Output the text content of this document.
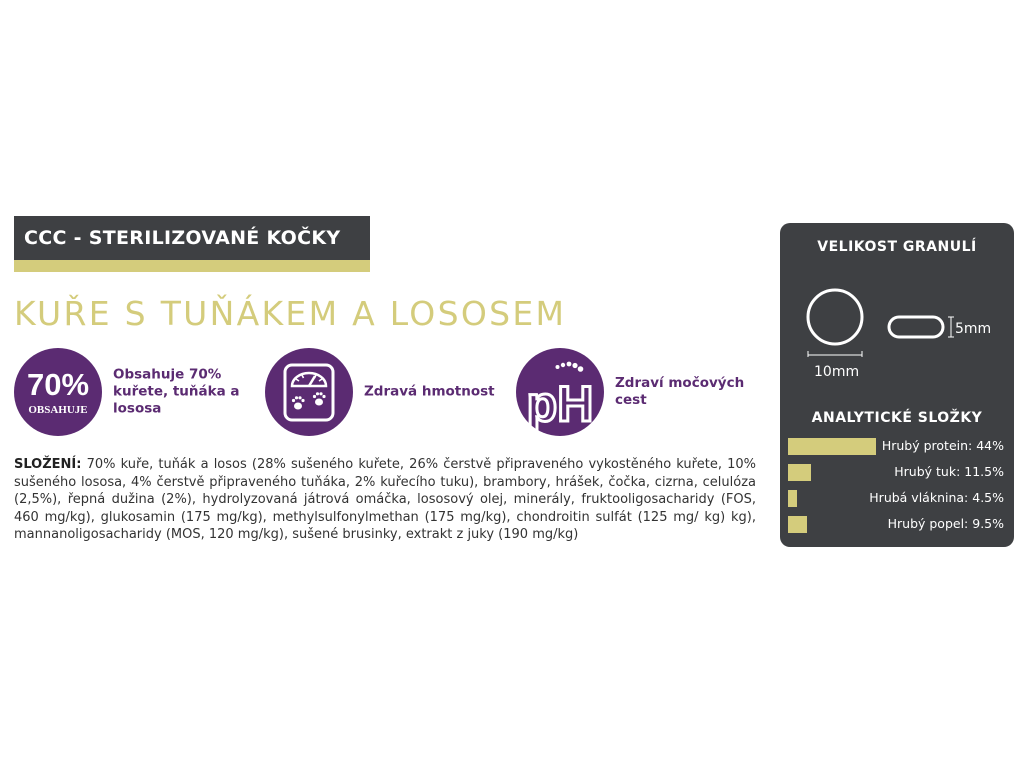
CCC - STERILIZOVANÉ KOČKY
KUŘE S TUŇÁKEM A LOSOSEM
70%
OBSAHUJE
Obsahuje 70%
kuřete, tuňáka a
lososa
Zdravá hmotnost pH Zdraví močových
cest
SLOŽENÍ: 70% kuře, tuňák a losos (28% sušeného kuřete, 26% čerstvě připraveného vykostěného kuřete, 10% sušeného lososa, 4% čerstvě připraveného tuňáka, 2% kuřecího tuku), brambory, hrášek, čočka, cizrna, celulóza (2,5%), řepná dužina (2%), hydrolyzovaná játrová omáčka, lososový olej, minerály, fruktooligosacharidy (FOS, 460 mg/kg), glukosamin (175 mg/kg), methylsulfonylmethan (175 mg/kg), chondroitin sulfát (125 mg/ kg) kg), mannanoligosacharidy (MOS, 120 mg/kg), sušené brusinky, extrakt z juky (190 mg/kg)
VELIKOST GRANULÍ
10mm
5mm
ANALYTICKÉ SLOŽKY
Hrubý protein: 44%
Hrubý tuk: 11.5%
Hrubá vláknina: 4.5%
Hrubý popel: 9.5%
